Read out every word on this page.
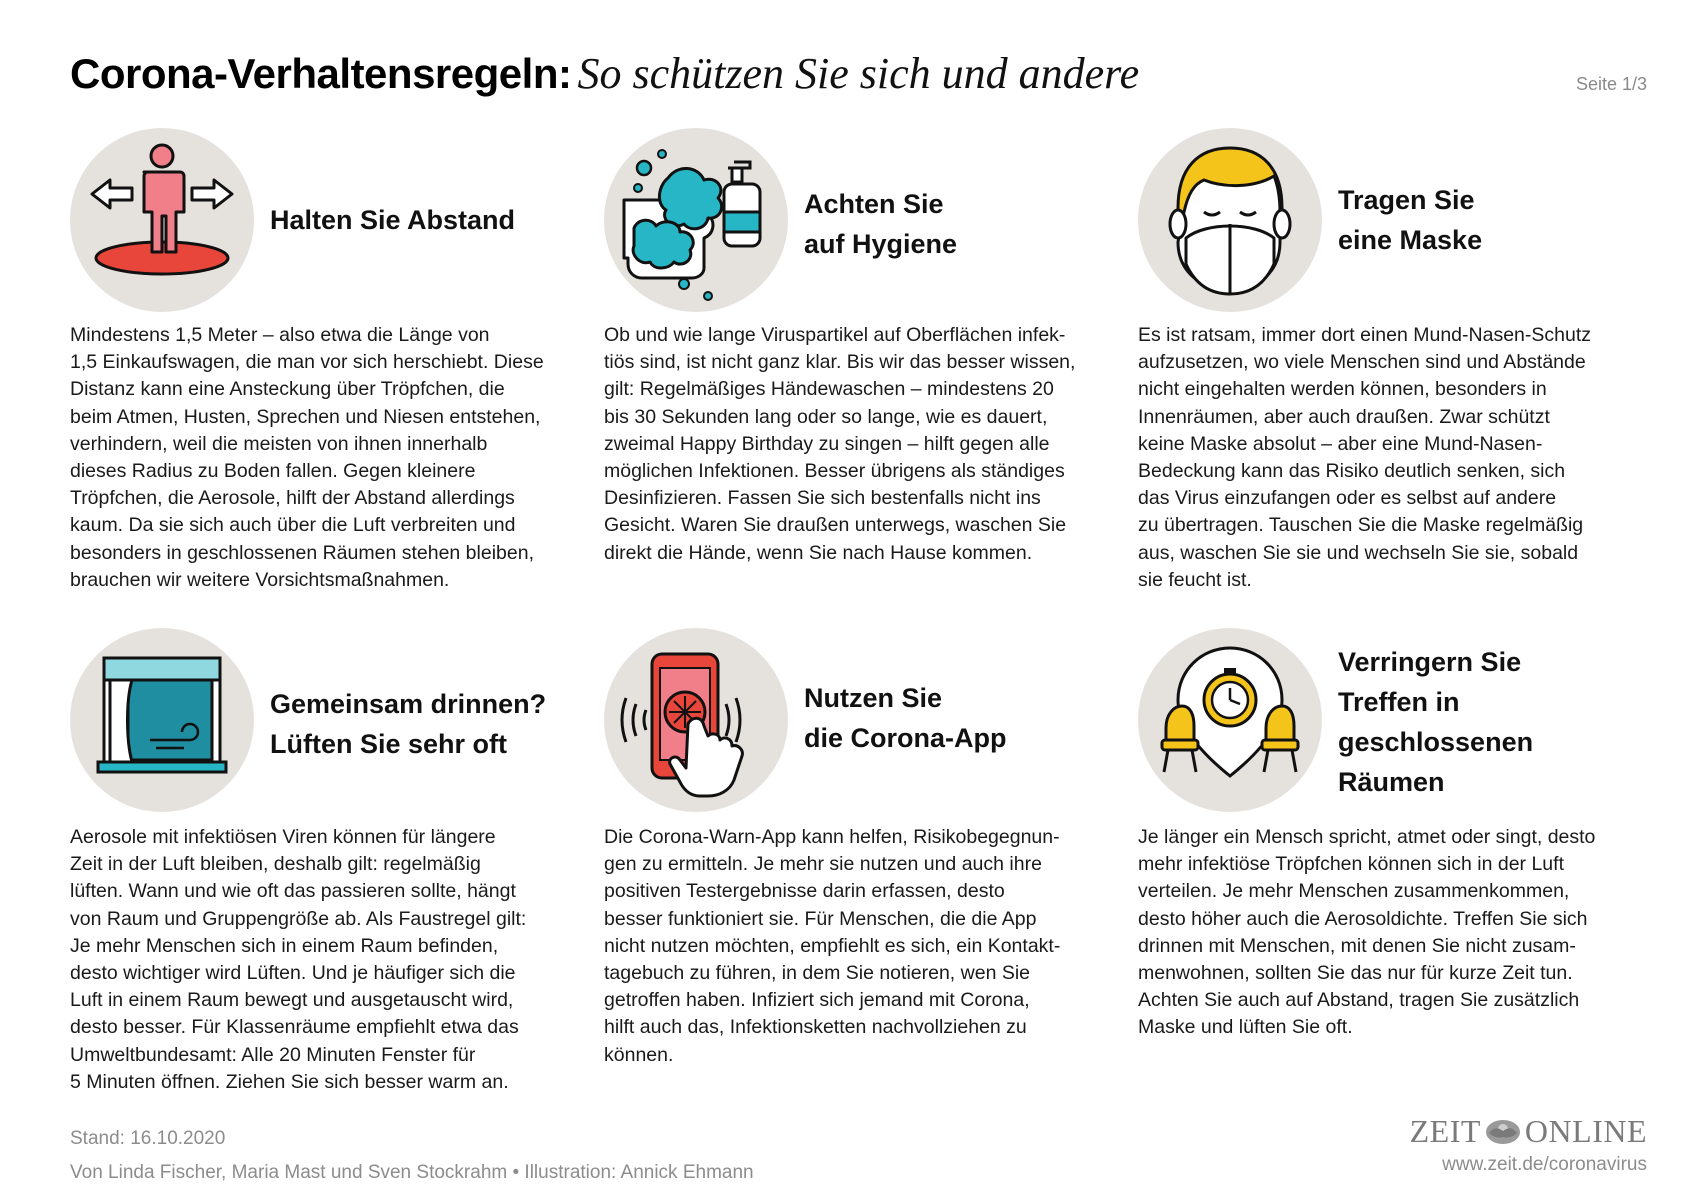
Corona-Verhaltensregeln: So schützen Sie sich und andere	Seite 1/3
Halten Sie Abstand
Mindestens 1,5 Meter – also etwa die Länge von
1,5 Einkaufswagen, die man vor sich herschiebt. Diese
Distanz kann eine Ansteckung über Tröpfchen, die
beim Atmen, Husten, Sprechen und Niesen entstehen,
verhindern, weil die meisten von ihnen innerhalb
dieses Radius zu Boden fallen. Gegen kleinere
Tröpfchen, die Aerosole, hilft der Abstand allerdings
kaum. Da sie sich auch über die Luft verbreiten und
besonders in geschlossenen Räumen stehen bleiben,
brauchen wir weitere Vorsichtsmaßnahmen.
Achten Sie
auf Hygiene
Ob und wie lange Viruspartikel auf Oberflächen infek-
tiös sind, ist nicht ganz klar. Bis wir das besser wissen,
gilt: Regelmäßiges Händewaschen – mindestens 20
bis 30 Sekunden lang oder so lange, wie es dauert,
zweimal Happy Birthday zu singen – hilft gegen alle
möglichen Infektionen. Besser übrigens als ständiges
Desinfizieren. Fassen Sie sich bestenfalls nicht ins
Gesicht. Waren Sie draußen unterwegs, waschen Sie
direkt die Hände, wenn Sie nach Hause kommen.
Tragen Sie
eine Maske
Es ist ratsam, immer dort einen Mund-Nasen-Schutz
aufzusetzen, wo viele Menschen sind und Abstände
nicht eingehalten werden können, besonders in
Innenräumen, aber auch draußen. Zwar schützt
keine Maske absolut – aber eine Mund-Nasen-
Bedeckung kann das Risiko deutlich senken, sich
das Virus einzufangen oder es selbst auf andere
zu übertragen. Tauschen Sie die Maske regelmäßig
aus, waschen Sie sie und wechseln Sie sie, sobald
sie feucht ist.
Gemeinsam drinnen?
Lüften Sie sehr oft
Aerosole mit infektiösen Viren können für längere
Zeit in der Luft bleiben, deshalb gilt: regelmäßig
lüften. Wann und wie oft das passieren sollte, hängt
von Raum und Gruppengröße ab. Als Faustregel gilt:
Je mehr Menschen sich in einem Raum befinden,
desto wichtiger wird Lüften. Und je häufiger sich die
Luft in einem Raum bewegt und ausgetauscht wird,
desto besser. Für Klassenräume empfiehlt etwa das
Umweltbundesamt: Alle 20 Minuten Fenster für
5 Minuten öffnen. Ziehen Sie sich besser warm an.
Nutzen Sie
die Corona-App
Die Corona-Warn-App kann helfen, Risikobegegnun-
gen zu ermitteln. Je mehr sie nutzen und auch ihre
positiven Testergebnisse darin erfassen, desto
besser funktioniert sie. Für Menschen, die die App
nicht nutzen möchten, empfiehlt es sich, ein Kontakt-
tagebuch zu führen, in dem Sie notieren, wen Sie
getroffen haben. Infiziert sich jemand mit Corona,
hilft auch das, Infektionsketten nachvollziehen zu
können.
Verringern Sie
Treffen in
geschlossenen
Räumen
Je länger ein Mensch spricht, atmet oder singt, desto
mehr infektiöse Tröpfchen können sich in der Luft
verteilen. Je mehr Menschen zusammenkommen,
desto höher auch die Aerosoldichte. Treffen Sie sich
drinnen mit Menschen, mit denen Sie nicht zusam-
menwohnen, sollten Sie das nur für kurze Zeit tun.
Achten Sie auch auf Abstand, tragen Sie zusätzlich
Maske und lüften Sie oft.
Stand: 16.10.2020
Von Linda Fischer, Maria Mast und Sven Stockrahm • Illustration: Annick Ehmann
ZEIT ONLINE
www.zeit.de/coronavirus
